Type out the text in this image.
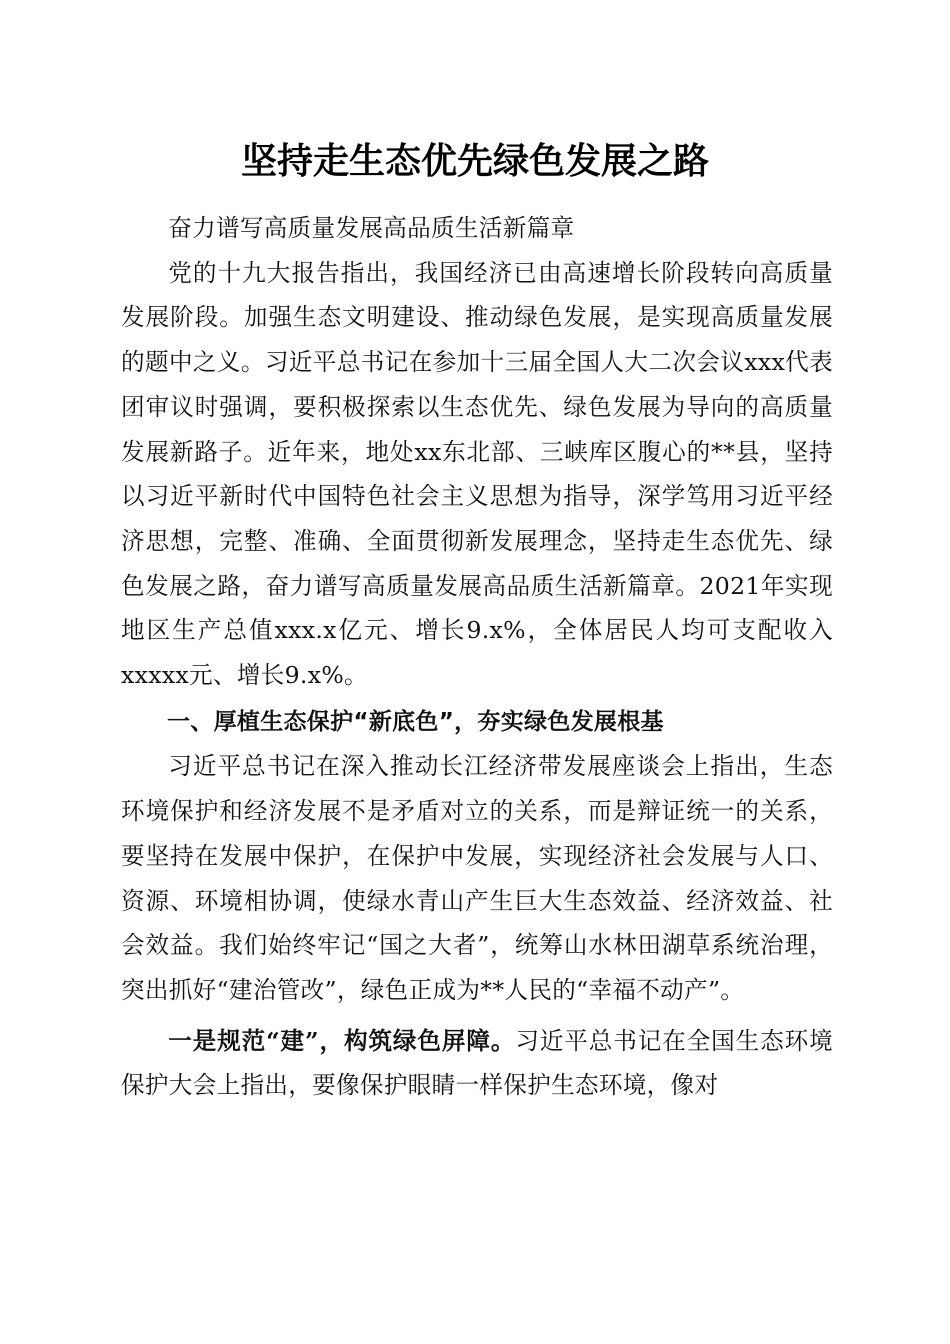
坚持走生态优先绿色发展之路

奋力谱写高质量发展高品质生活新篇章

党的十九大报告指出，我国经济已由高速增长阶段转向高质量发展阶段。加强生态文明建设、推动绿色发展，是实现高质量发展的题中之义。习近平总书记在参加十三届全国人大二次会议xxx代表团审议时强调，要积极探索以生态优先、绿色发展为导向的高质量发展新路子。近年来，地处xx东北部、三峡库区腹心的**县，坚持以习近平新时代中国特色社会主义思想为指导，深学笃用习近平经济思想，完整、准确、全面贯彻新发展理念，坚持走生态优先、绿色发展之路，奋力谱写高质量发展高品质生活新篇章。2021年实现地区生产总值xxx.x亿元、增长9.x%，全体居民人均可支配收入xxxxx元、增长9.x%。

一、厚植生态保护“新底色”，夯实绿色发展根基

习近平总书记在深入推动长江经济带发展座谈会上指出，生态环境保护和经济发展不是矛盾对立的关系，而是辩证统一的关系，要坚持在发展中保护，在保护中发展，实现经济社会发展与人口、资源、环境相协调，使绿水青山产生巨大生态效益、经济效益、社会效益。我们始终牢记“国之大者”，统筹山水林田湖草系统治理，突出抓好“建治管改”，绿色正成为**人民的“幸福不动产”。

一是规范“建”，构筑绿色屏障。习近平总书记在全国生态环境保护大会上指出，要像保护眼睛一样保护生态环境，像对
